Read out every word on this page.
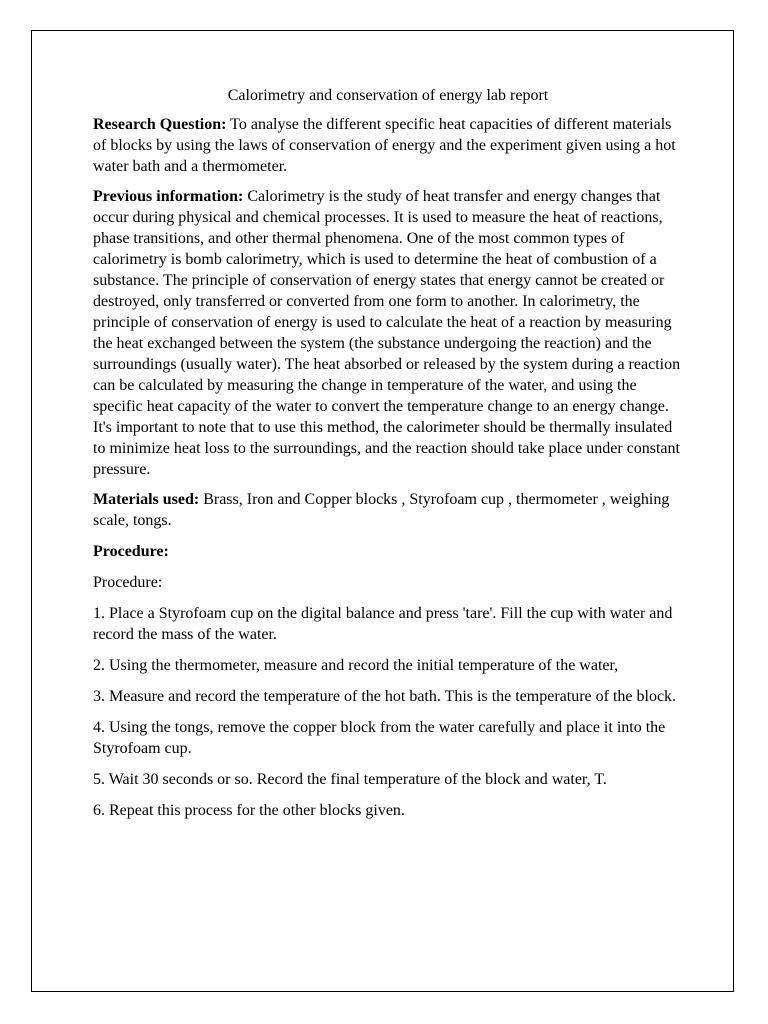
Calorimetry and conservation of energy lab report

Research Question: To analyse the different specific heat capacities of different materials of blocks by using the laws of conservation of energy and the experiment given using a hot water bath and a thermometer.

Previous information: Calorimetry is the study of heat transfer and energy changes that occur during physical and chemical processes. It is used to measure the heat of reactions, phase transitions, and other thermal phenomena. One of the most common types of calorimetry is bomb calorimetry, which is used to determine the heat of combustion of a substance. The principle of conservation of energy states that energy cannot be created or destroyed, only transferred or converted from one form to another. In calorimetry, the principle of conservation of energy is used to calculate the heat of a reaction by measuring the heat exchanged between the system (the substance undergoing the reaction) and the surroundings (usually water). The heat absorbed or released by the system during a reaction can be calculated by measuring the change in temperature of the water, and using the specific heat capacity of the water to convert the temperature change to an energy change. It's important to note that to use this method, the calorimeter should be thermally insulated to minimize heat loss to the surroundings, and the reaction should take place under constant pressure.

Materials used: Brass, Iron and Copper blocks , Styrofoam cup , thermometer , weighing scale, tongs.

Procedure:

Procedure:

1. Place a Styrofoam cup on the digital balance and press 'tare'. Fill the cup with water and record the mass of the water.

2. Using the thermometer, measure and record the initial temperature of the water,

3. Measure and record the temperature of the hot bath. This is the temperature of the block.

4. Using the tongs, remove the copper block from the water carefully and place it into the Styrofoam cup.

5. Wait 30 seconds or so. Record the final temperature of the block and water, T.

6. Repeat this process for the other blocks given.
